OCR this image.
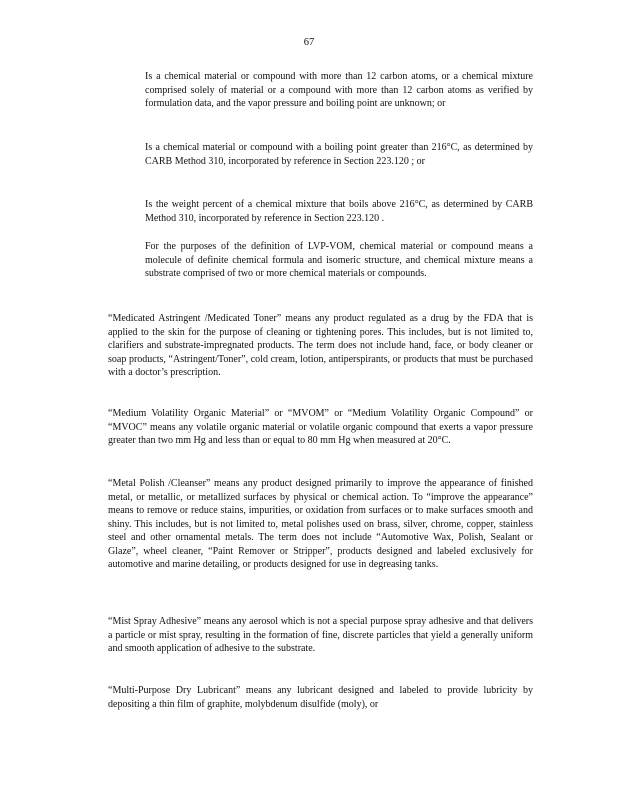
67

Is a chemical material or compound with more than 12 carbon atoms, or a chemical mixture comprised solely of material or a compound with more than 12 carbon atoms as verified by formulation data, and the vapor pressure and boiling point are unknown; or

Is a chemical material or compound with a boiling point greater than 216°C, as determined by CARB Method 310, incorporated by reference in Section 223.120 ; or

Is the weight percent of a chemical mixture that boils above 216°C, as determined by CARB Method 310, incorporated by reference in Section 223.120 .

For the purposes of the definition of LVP-VOM, chemical material or compound means a molecule of definite chemical formula and isomeric structure, and chemical mixture means a substrate comprised of two or more chemical materials or compounds.

“Medicated Astringent /Medicated Toner” means any product regulated as a drug by the FDA that is applied to the skin for the purpose of cleaning or tightening pores. This includes, but is not limited to, clarifiers and substrate-impregnated products. The term does not include hand, face, or body cleaner or soap products, “Astringent/Toner”, cold cream, lotion, antiperspirants, or products that must be purchased with a doctor’s prescription.

“Medium Volatility Organic Material” or “MVOM” or “Medium Volatility Organic Compound” or “MVOC” means any volatile organic material or volatile organic compound that exerts a vapor pressure greater than two mm Hg and less than or equal to 80 mm Hg when measured at 20°C.

“Metal Polish /Cleanser” means any product designed primarily to improve the appearance of finished metal, or metallic, or metallized surfaces by physical or chemical action. To “improve the appearance” means to remove or reduce stains, impurities, or oxidation from surfaces or to make surfaces smooth and shiny. This includes, but is not limited to, metal polishes used on brass, silver, chrome, copper, stainless steel and other ornamental metals. The term does not include “Automotive Wax, Polish, Sealant or Glaze”, wheel cleaner, “Paint Remover or Stripper”, products designed and labeled exclusively for automotive and marine detailing, or products designed for use in degreasing tanks.

“Mist Spray Adhesive” means any aerosol which is not a special purpose spray adhesive and that delivers a particle or mist spray, resulting in the formation of fine, discrete particles that yield a generally uniform and smooth application of adhesive to the substrate.

“Multi-Purpose Dry Lubricant” means any lubricant designed and labeled to provide lubricity by depositing a thin film of graphite, molybdenum disulfide (moly), or
